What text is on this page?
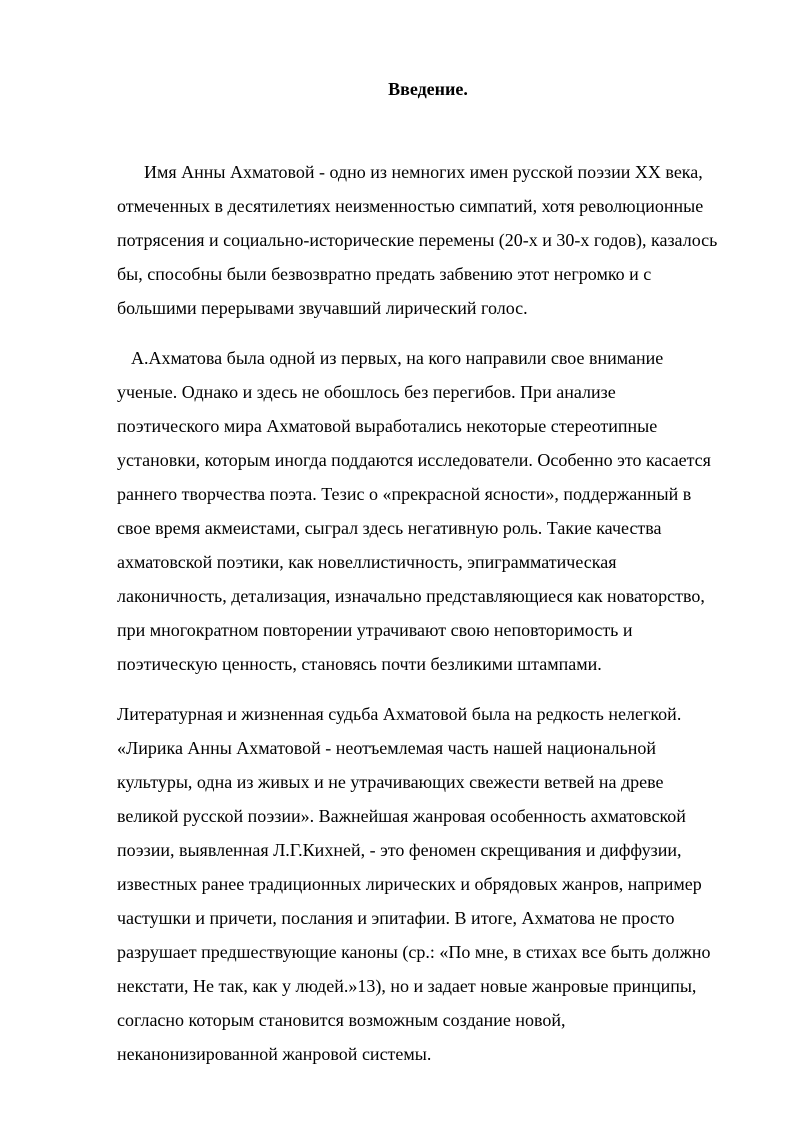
Введение.
Имя Анны Ахматовой - одно из немногих имен русской поэзии XX века,
отмеченных в десятилетиях неизменностью симпатий, хотя революционные
потрясения и социально-исторические перемены (20-х и 30-х годов), казалось
бы, способны были безвозвратно предать забвению этот негромко и с
большими перерывами звучавший лирический голос.
А.Ахматова была одной из первых, на кого направили свое внимание
ученые. Однако и здесь не обошлось без перегибов. При анализе
поэтического мира Ахматовой выработались некоторые стереотипные
установки, которым иногда поддаются исследователи. Особенно это касается
раннего творчества поэта. Тезис о «прекрасной ясности», поддержанный в
свое время акмеистами, сыграл здесь негативную роль. Такие качества
ахматовской поэтики, как новеллистичность, эпиграмматическая
лаконичность, детализация, изначально представляющиеся как новаторство,
при многократном повторении утрачивают свою неповторимость и
поэтическую ценность, становясь почти безликими штампами.
Литературная и жизненная судьба Ахматовой была на редкость нелегкой.
«Лирика Анны Ахматовой - неотъемлемая часть нашей национальной
культуры, одна из живых и не утрачивающих свежести ветвей на древе
великой русской поэзии». Важнейшая жанровая особенность ахматовской
поэзии, выявленная Л.Г.Кихней, - это феномен скрещивания и диффузии,
известных ранее традиционных лирических и обрядовых жанров, например
частушки и причети, послания и эпитафии. В итоге, Ахматова не просто
разрушает предшествующие каноны (ср.: «По мне, в стихах все быть должно
некстати, Не так, как у людей.»13), но и задает новые жанровые принципы,
согласно которым становится возможным создание новой,
неканонизированной жанровой системы.
